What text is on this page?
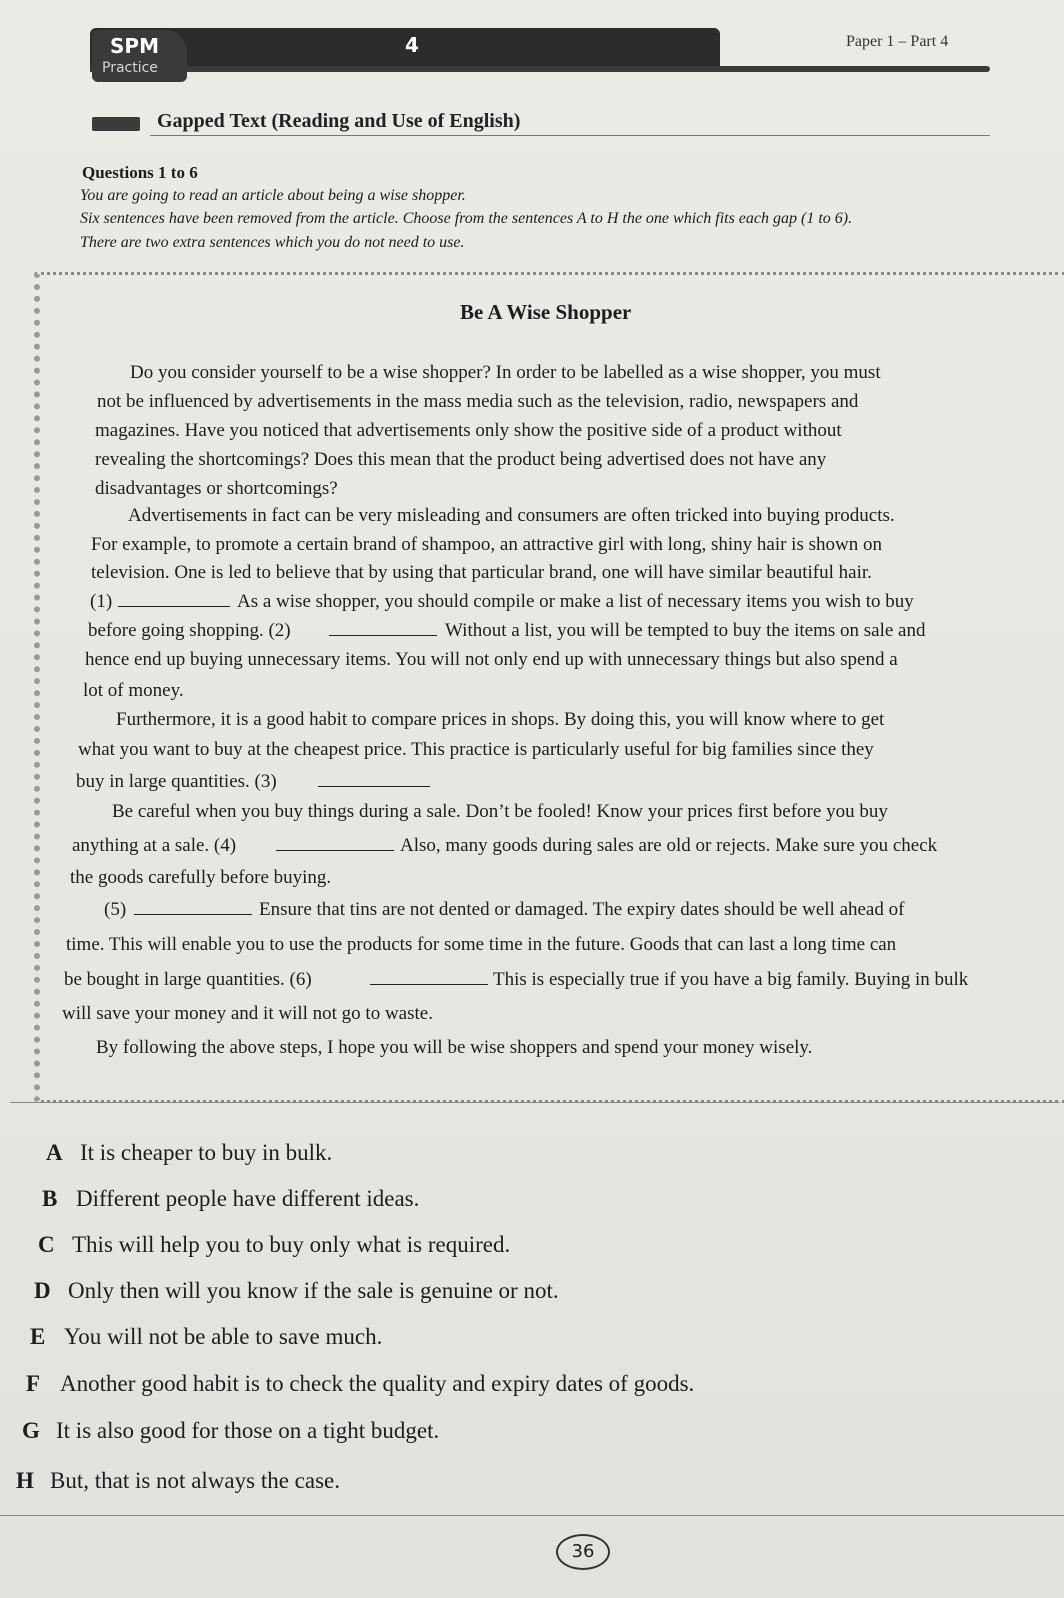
SPM
Practice
4	Paper 1 – Part 4
Gapped Text (Reading and Use of English)
Questions 1 to 6
You are going to read an article about being a wise shopper.
Six sentences have been removed from the article. Choose from the sentences A to H the one which fits each gap (1 to 6).
There are two extra sentences which you do not need to use.
Be A Wise Shopper
Do you consider yourself to be a wise shopper? In order to be labelled as a wise shopper, you must
not be influenced by advertisements in the mass media such as the television, radio, newspapers and
magazines. Have you noticed that advertisements only show the positive side of a product without
revealing the shortcomings? Does this mean that the product being advertised does not have any
disadvantages or shortcomings?
Advertisements in fact can be very misleading and consumers are often tricked into buying products.
For example, to promote a certain brand of shampoo, an attractive girl with long, shiny hair is shown on
television. One is led to believe that by using that particular brand, one will have similar beautiful hair.
(1)	As a wise shopper, you should compile or make a list of necessary items you wish to buy
before going shopping. (2)	Without a list, you will be tempted to buy the items on sale and
hence end up buying unnecessary items. You will not only end up with unnecessary things but also spend a
lot of money.
Furthermore, it is a good habit to compare prices in shops. By doing this, you will know where to get
what you want to buy at the cheapest price. This practice is particularly useful for big families since they
buy in large quantities. (3)
Be careful when you buy things during a sale. Don’t be fooled! Know your prices first before you buy
anything at a sale. (4)	Also, many goods during sales are old or rejects. Make sure you check
the goods carefully before buying.
(5)	Ensure that tins are not dented or damaged. The expiry dates should be well ahead of
time. This will enable you to use the products for some time in the future. Goods that can last a long time can
be bought in large quantities. (6)	This is especially true if you have a big family. Buying in bulk
will save your money and it will not go to waste.
By following the above steps, I hope you will be wise shoppers and spend your money wisely.
A It is cheaper to buy in bulk.
B Different people have different ideas.
C This will help you to buy only what is required.
D Only then will you know if the sale is genuine or not.
E You will not be able to save much.
F Another good habit is to check the quality and expiry dates of goods.
G It is also good for those on a tight budget.
H But, that is not always the case.
36
